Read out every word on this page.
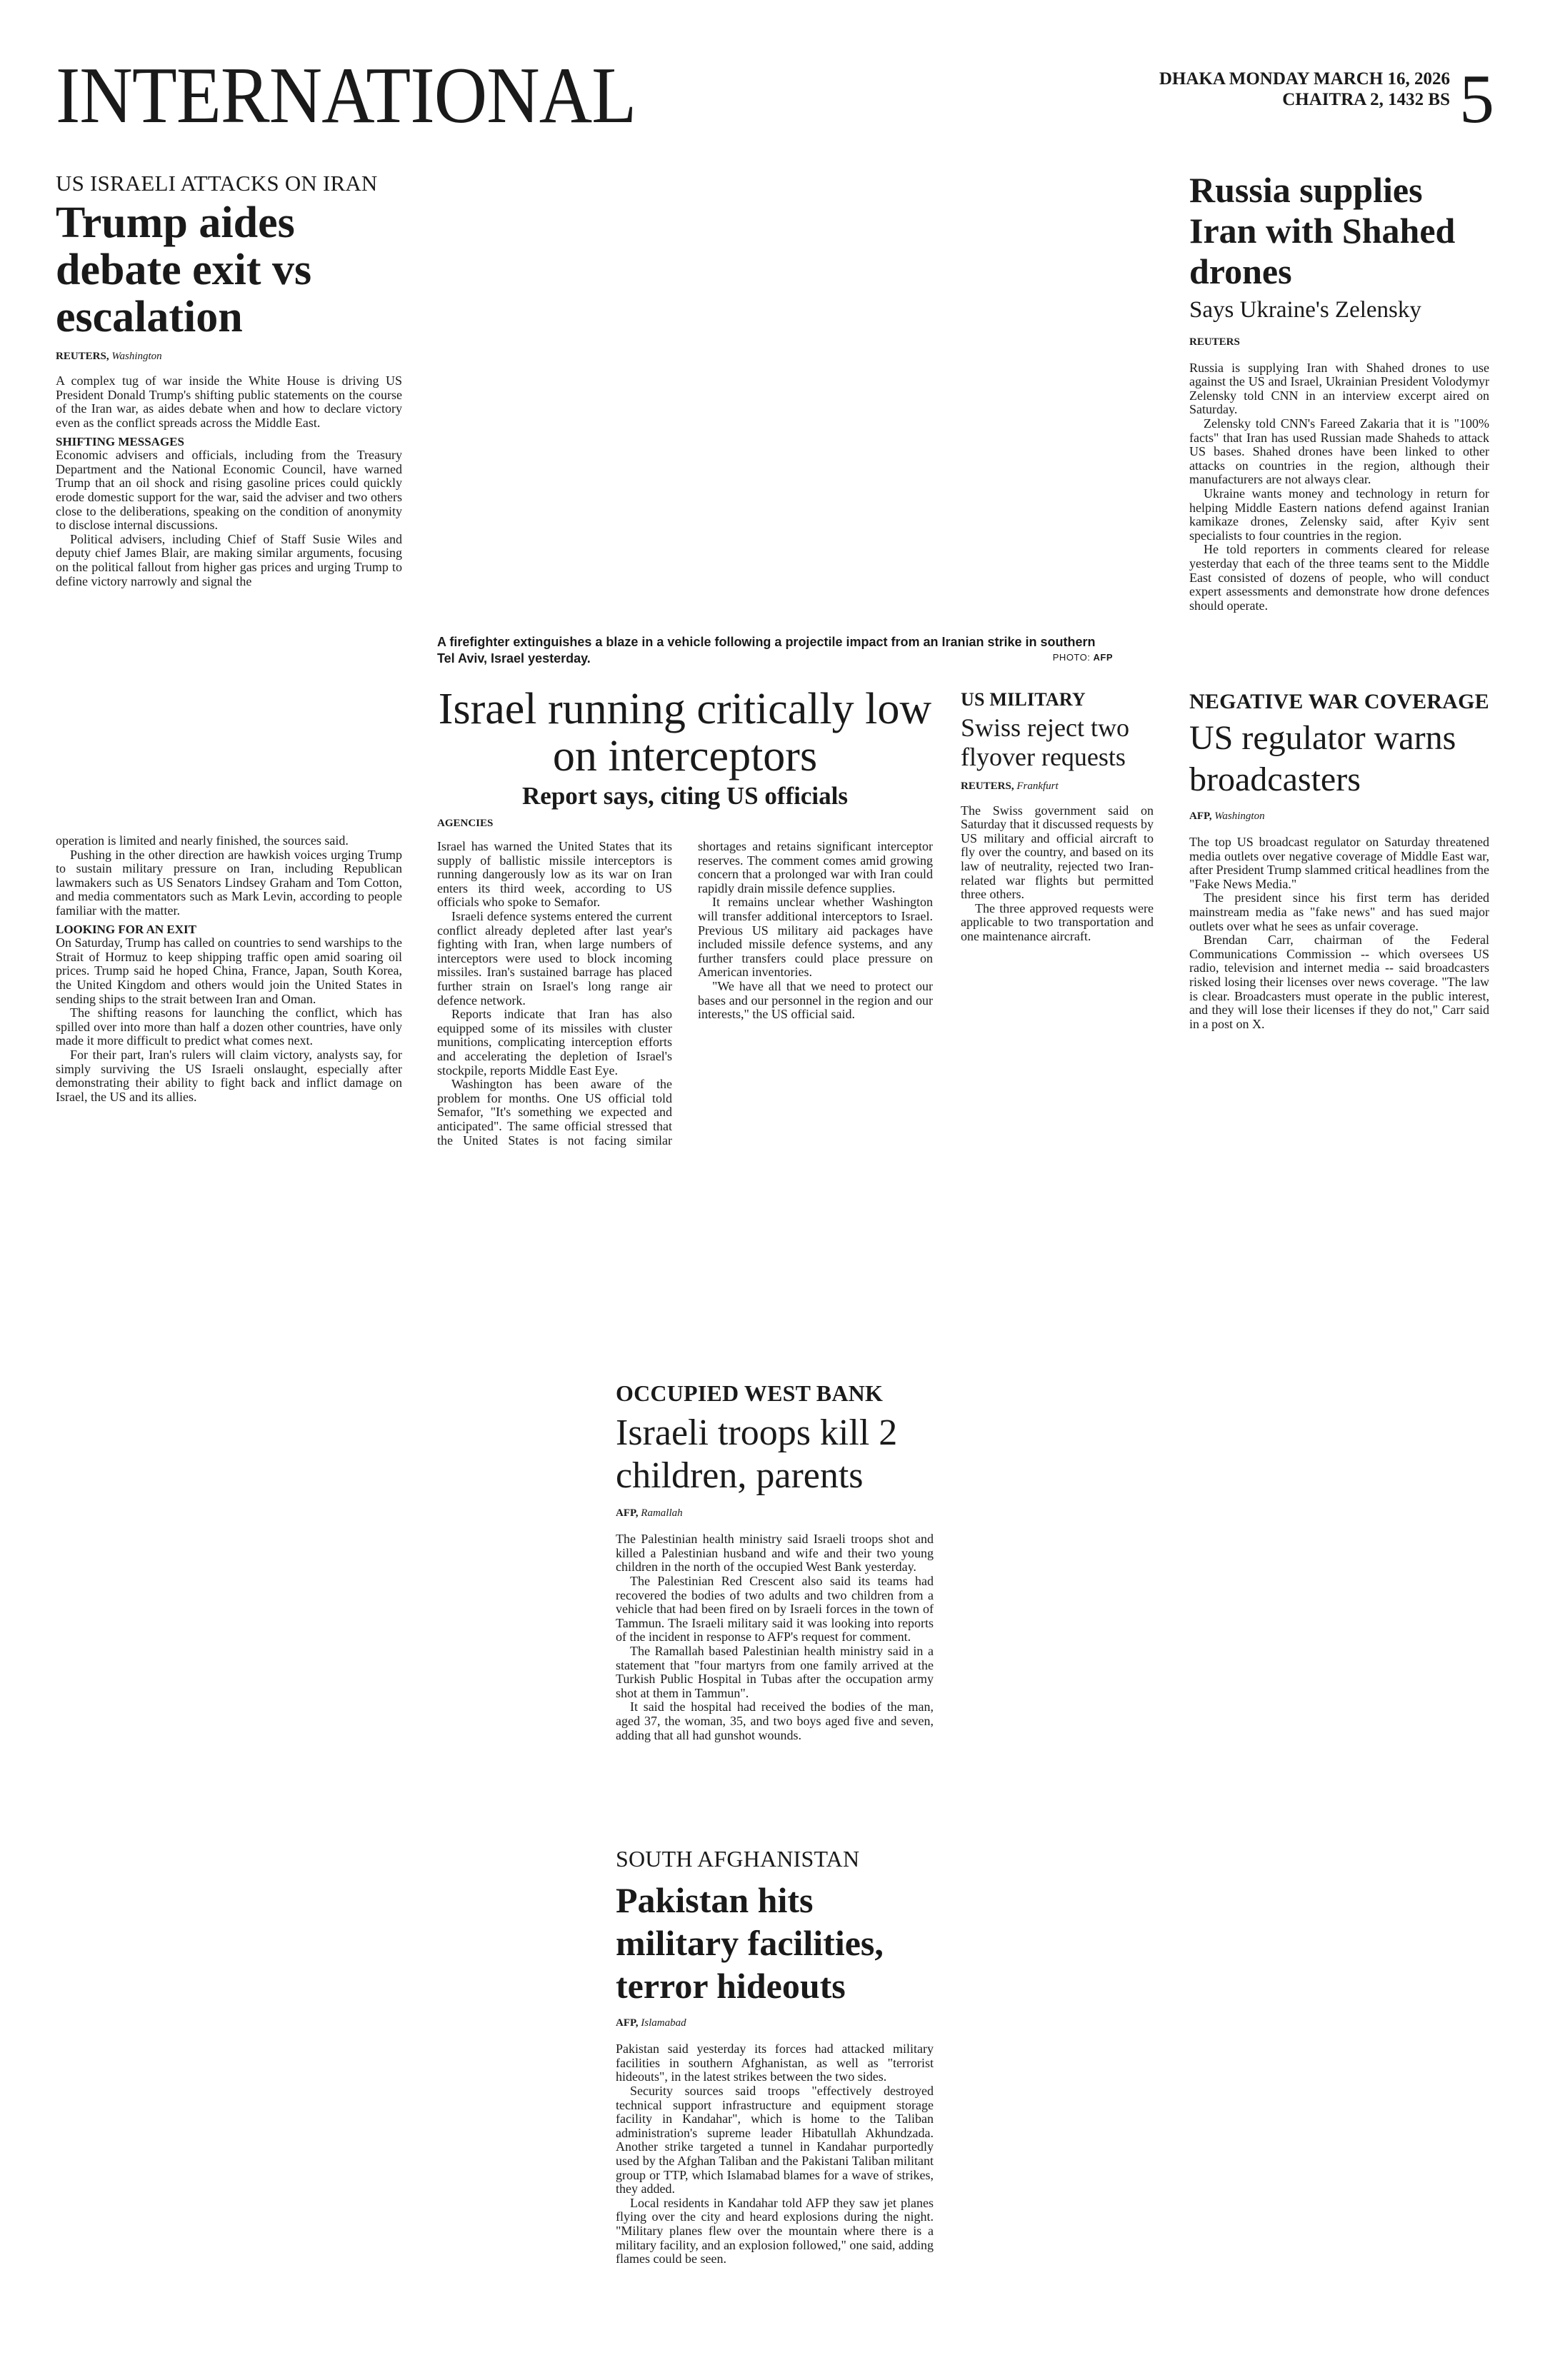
INTERNATIONAL	DHAKA MONDAY MARCH 16, 2026
CHAITRA 2, 1432 BS 5
US ISRAELI ATTACKS ON IRAN
Trump aides debate exit vs escalation
REUTERS, Washington

A complex tug of war inside the White House is driving US President Donald Trump's shifting public statements on the course of the Iran war, as aides debate when and how to declare victory even as the conflict spreads across the Middle East.

SHIFTING MESSAGES

Economic advisers and officials, including from the Treasury Department and the National Economic Council, have warned Trump that an oil shock and rising gasoline prices could quickly erode domestic support for the war, said the adviser and two others close to the deliberations, speaking on the condition of anonymity to disclose internal discussions.

Political advisers, including Chief of Staff Susie Wiles and deputy chief James Blair, are making similar arguments, focusing on the political fallout from higher gas prices and urging Trump to define victory narrowly and signal the

operation is limited and nearly finished, the sources said.

Pushing in the other direction are hawkish voices urging Trump to sustain military pressure on Iran, including Republican lawmakers such as US Senators Lindsey Graham and Tom Cotton, and media commentators such as Mark Levin, according to people familiar with the matter.

LOOKING FOR AN EXIT

On Saturday, Trump has called on countries to send warships to the Strait of Hormuz to keep shipping traffic open amid soaring oil prices. Trump said he hoped China, France, Japan, South Korea, the United Kingdom and others would join the United States in sending ships to the strait between Iran and Oman.

The shifting reasons for launching the conflict, which has spilled over into more than half a dozen other countries, have only made it more difficult to predict what comes next.

For their part, Iran's rulers will claim victory, analysts say, for simply surviving the US Israeli onslaught, especially after demonstrating their ability to fight back and inflict damage on Israel, the US and its allies.

A firefighter extinguishes a blaze in a vehicle following a projectile impact from an Iranian strike in southern Tel Aviv, Israel yesterday.	PHOTO: AFP
Russia supplies Iran with Shahed drones
Says Ukraine's Zelensky
REUTERS

Russia is supplying Iran with Shahed drones to use against the US and Israel, Ukrainian President Volodymyr Zelensky told CNN in an interview excerpt aired on Saturday.

Zelensky told CNN's Fareed Zakaria that it is "100% facts" that Iran has used Russian made Shaheds to attack US bases. Shahed drones have been linked to other attacks on countries in the region, although their manufacturers are not always clear.

Ukraine wants money and technology in return for helping Middle Eastern nations defend against Iranian kamikaze drones, Zelensky said, after Kyiv sent specialists to four countries in the region.

He told reporters in comments cleared for release yesterday that each of the three teams sent to the Middle East consisted of dozens of people, who will conduct expert assessments and demonstrate how drone defences should operate.

Israel running critically low on interceptors
Report says, citing US officials
AGENCIES

Israel has warned the United States that its supply of ballistic missile interceptors is running dangerously low as its war on Iran enters its third week, according to US officials who spoke to Semafor.

Israeli defence systems entered the current conflict already depleted after last year's fighting with Iran, when large numbers of interceptors were used to block incoming missiles. Iran's sustained barrage has placed further strain on Israel's long range air defence network.

Reports indicate that Iran has also equipped some of its missiles with cluster munitions, complicating interception efforts and accelerating the depletion of Israel's stockpile, reports Middle East Eye.

Washington has been aware of the problem for months. One US official told Semafor, "It's something we expected and anticipated". The same official stressed that the United States is not facing similar shortages and retains significant interceptor reserves. The comment comes amid growing concern that a prolonged war with Iran could rapidly drain missile defence supplies.

It remains unclear whether Washington will transfer additional interceptors to Israel. Previous US military aid packages have included missile defence systems, and any further transfers could place pressure on American inventories.

"We have all that we need to protect our bases and our personnel in the region and our interests," the US official said.

US MILITARY
Swiss reject two flyover requests
REUTERS, Frankfurt

The Swiss government said on Saturday that it discussed requests by US military and official aircraft to fly over the country, and based on its law of neutrality, rejected two Iran-related war flights but permitted three others.

The three approved requests were applicable to two transportation and one maintenance aircraft.

NEGATIVE WAR COVERAGE
US regulator warns broadcasters
AFP, Washington

The top US broadcast regulator on Saturday threatened media outlets over negative coverage of Middle East war, after President Trump slammed critical headlines from the "Fake News Media."

The president since his first term has derided mainstream media as "fake news" and has sued major outlets over what he sees as unfair coverage.

Brendan Carr, chairman of the Federal Communications Commission -- which oversees US radio, television and internet media -- said broadcasters risked losing their licenses over news coverage. "The law is clear. Broadcasters must operate in the public interest, and they will lose their licenses if they do not," Carr said in a post on X.

OCCUPIED WEST BANK
Israeli troops kill 2 children, parents
AFP, Ramallah

The Palestinian health ministry said Israeli troops shot and killed a Palestinian husband and wife and their two young children in the north of the occupied West Bank yesterday.

The Palestinian Red Crescent also said its teams had recovered the bodies of two adults and two children from a vehicle that had been fired on by Israeli forces in the town of Tammun. The Israeli military said it was looking into reports of the incident in response to AFP's request for comment.

The Ramallah based Palestinian health ministry said in a statement that "four martyrs from one family arrived at the Turkish Public Hospital in Tubas after the occupation army shot at them in Tammun".

It said the hospital had received the bodies of the man, aged 37, the woman, 35, and two boys aged five and seven, adding that all had gunshot wounds.

SOUTH AFGHANISTAN
Pakistan hits military facilities, terror hideouts
AFP, Islamabad

Pakistan said yesterday its forces had attacked military facilities in southern Afghanistan, as well as "terrorist hideouts", in the latest strikes between the two sides.

Security sources said troops "effectively destroyed technical support infrastructure and equipment storage facility in Kandahar", which is home to the Taliban administration's supreme leader Hibatullah Akhundzada. Another strike targeted a tunnel in Kandahar purportedly used by the Afghan Taliban and the Pakistani Taliban militant group or TTP, which Islamabad blames for a wave of strikes, they added.

Local residents in Kandahar told AFP they saw jet planes flying over the city and heard explosions during the night. "Military planes flew over the mountain where there is a military facility, and an explosion followed," one said, adding flames could be seen.
